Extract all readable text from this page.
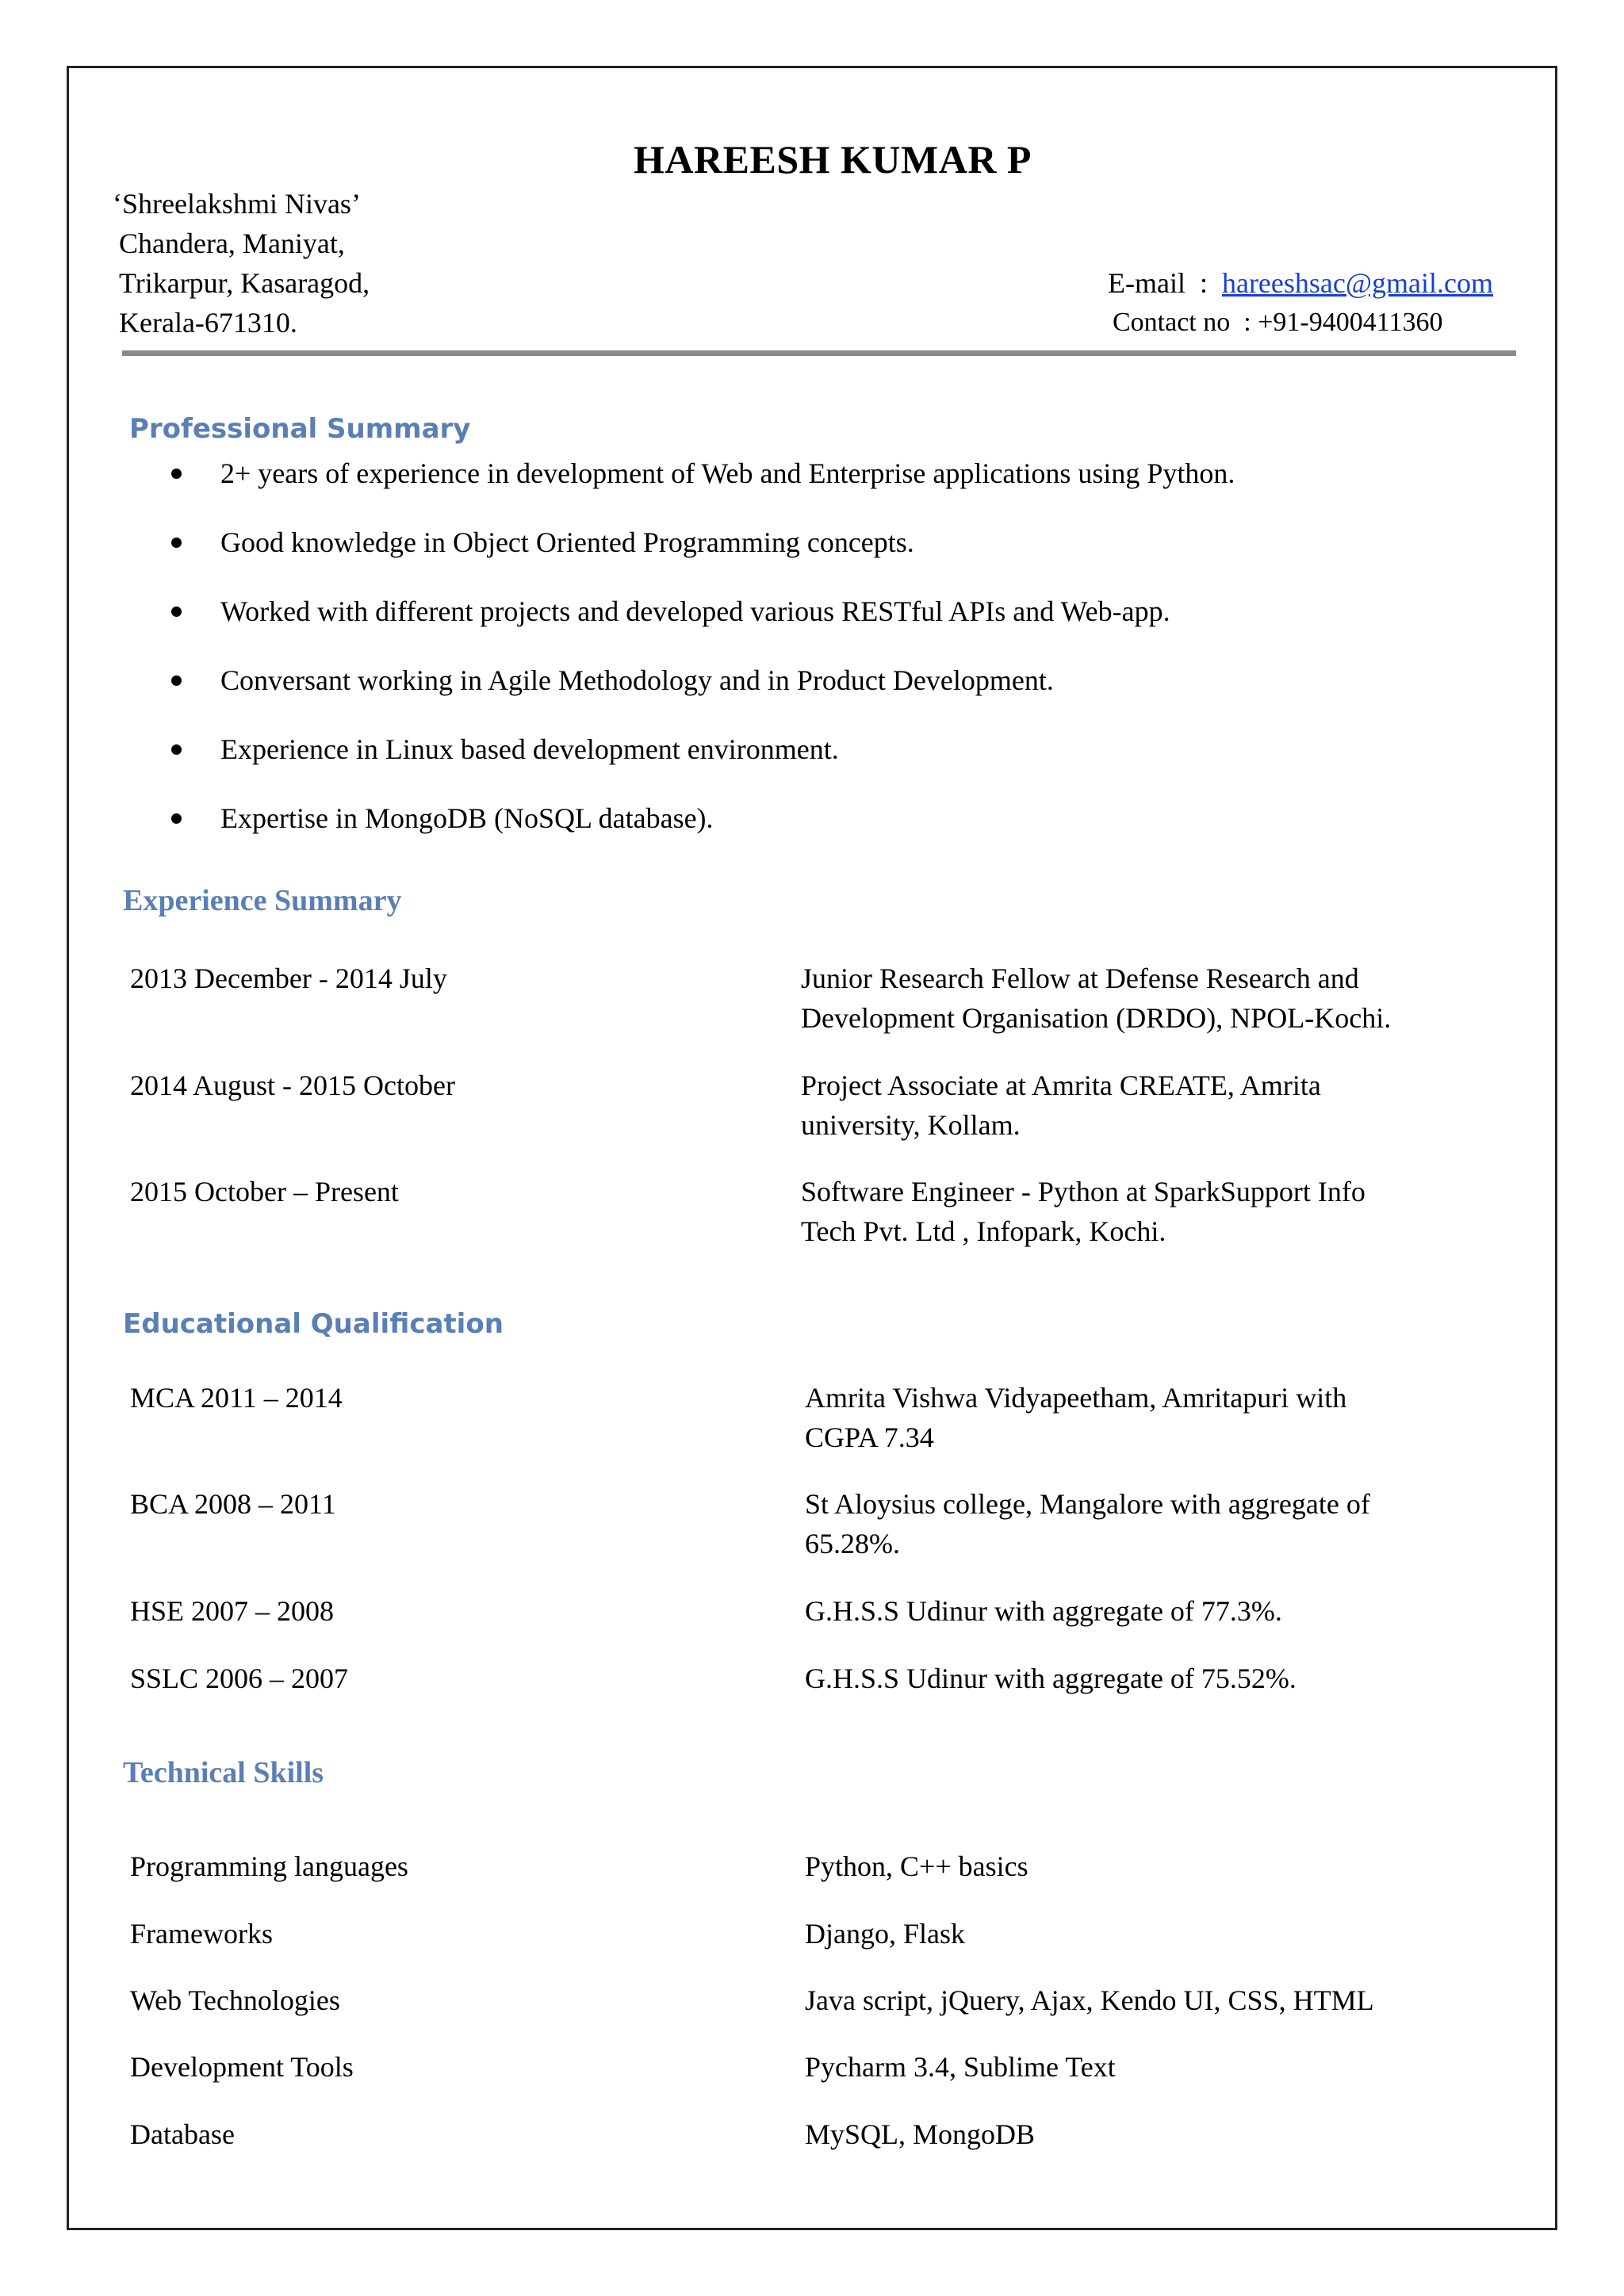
HAREESH KUMAR P
‘Shreelakshmi Nivas’
Chandera, Maniyat,
Trikarpur, Kasaragod,
Kerala-671310.
E-mail  :  hareeshsac@gmail.com
Contact no  : +91-9400411360
Professional Summary
2+ years of experience in development of Web and Enterprise applications using Python.
Good knowledge in Object Oriented Programming concepts.
Worked with different projects and developed various RESTful APIs and Web-app.
Conversant working in Agile Methodology and in Product Development.
Experience in Linux based development environment.
Expertise in MongoDB (NoSQL database).
Experience Summary
2013 December - 2014 July	Junior Research Fellow at Defense Research and
Development Organisation (DRDO), NPOL-Kochi.
2014 August - 2015 October	Project Associate at Amrita CREATE, Amrita
university, Kollam.
2015 October – Present	Software Engineer - Python at SparkSupport Info
Tech Pvt. Ltd , Infopark, Kochi.
Educational Qualification
MCA 2011 – 2014	Amrita Vishwa Vidyapeetham, Amritapuri with
CGPA 7.34
BCA 2008 – 2011	St Aloysius college, Mangalore with aggregate of
65.28%.
HSE 2007 – 2008	G.H.S.S Udinur with aggregate of 77.3%.
SSLC 2006 – 2007	G.H.S.S Udinur with aggregate of 75.52%.
Technical Skills
Programming languages	Python, C++ basics
Frameworks	Django, Flask
Web Technologies	Java script, jQuery, Ajax, Kendo UI, CSS, HTML
Development Tools	Pycharm 3.4, Sublime Text
Database	MySQL, MongoDB
